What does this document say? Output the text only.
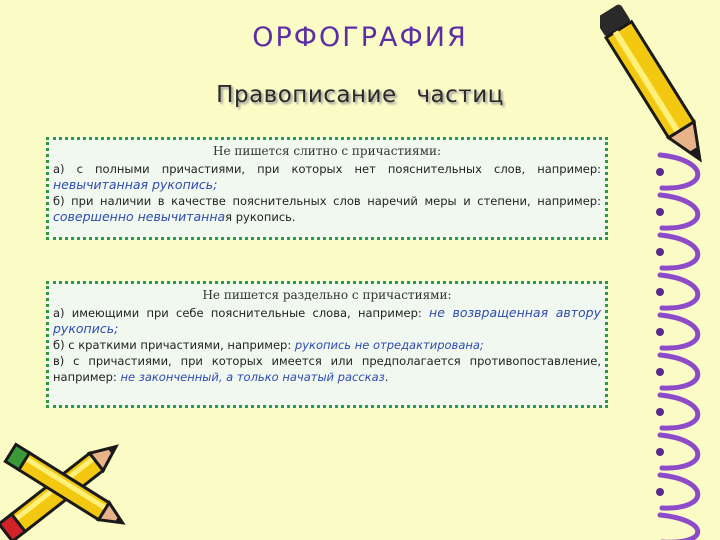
ОРФОГРАФИЯ
Правописание частиц
Не пишется слитно с причастиями:
а) с полными причастиями, при которых нет пояснительных слов, например: невычитанная рукопись;
б) при наличии в качестве пояснительных слов наречий меры и степени, например: совершенно невычитанная рукопись.
Не пишется раздельно с причастиями:
а) имеющими при себе пояснительные слова, например: не возвращенная автору рукопись;
б) с краткими причастиями, например: рукопись не отредактирована;
в) с причастиями, при которых имеется или предполагается противопоставление, например: не законченный, а только начатый рассказ.
